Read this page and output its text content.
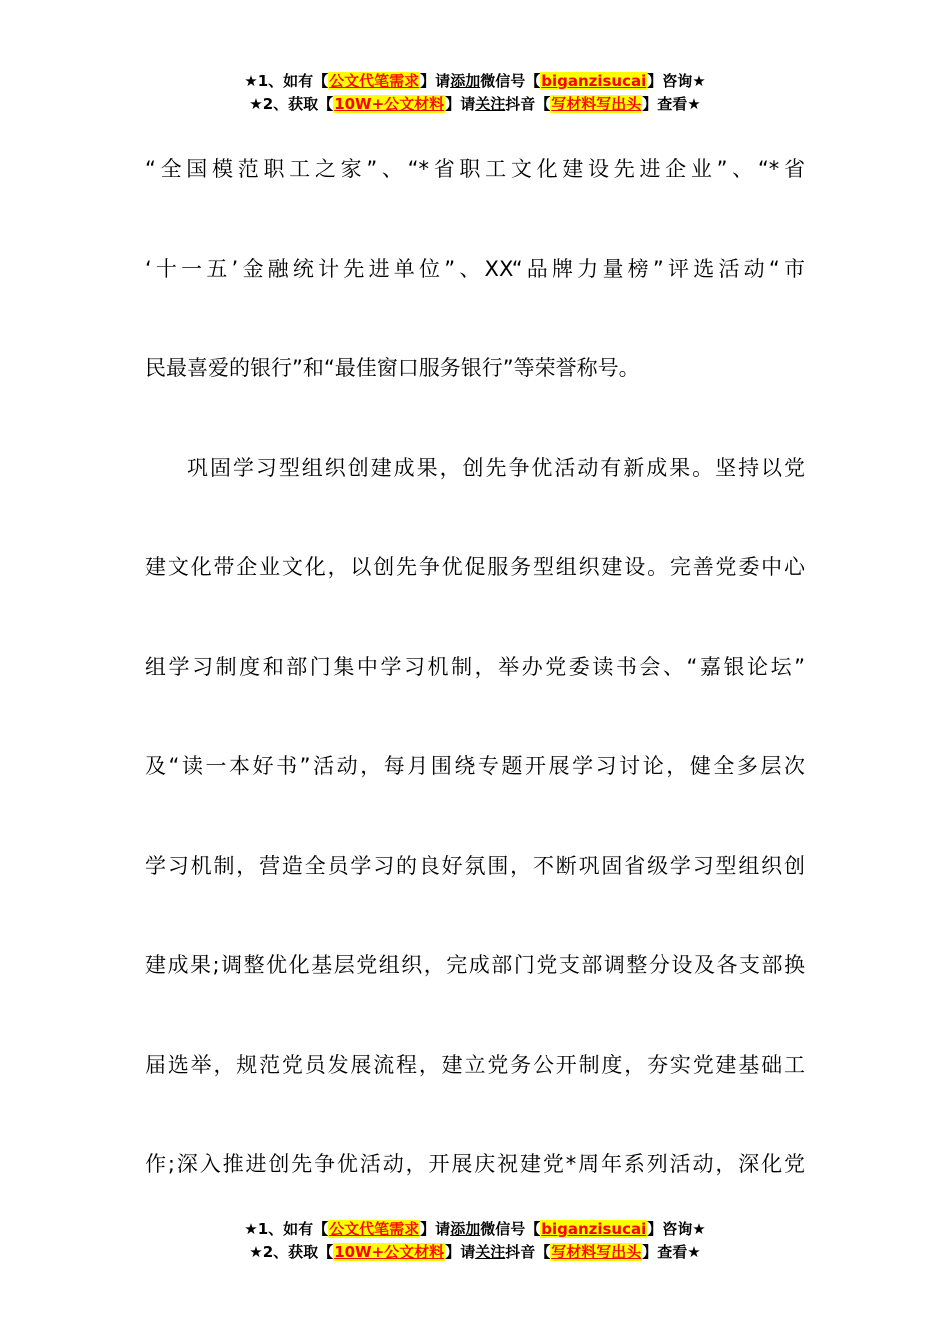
★1、如有【公文代笔需求】请添加微信号【biganzisucai】咨询★
★2、获取【10W+公文材料】请关注抖音【写材料写出头】查看★
“全国模范职工之家”、“*省职工文化建设先进企业”、“*省
‘十一五’金融统计先进单位”、XX“品牌力量榜”评选活动“市
民最喜爱的银行”和“最佳窗口服务银行”等荣誉称号。
巩固学习型组织创建成果，创先争优活动有新成果。坚持以党
建文化带企业文化，以创先争优促服务型组织建设。完善党委中心
组学习制度和部门集中学习机制，举办党委读书会、“嘉银论坛”
及“读一本好书”活动，每月围绕专题开展学习讨论，健全多层次
学习机制，营造全员学习的良好氛围，不断巩固省级学习型组织创
建成果;调整优化基层党组织，完成部门党支部调整分设及各支部换
届选举，规范党员发展流程，建立党务公开制度，夯实党建基础工
作;深入推进创先争优活动，开展庆祝建党*周年系列活动，深化党
★1、如有【公文代笔需求】请添加微信号【biganzisucai】咨询★
★2、获取【10W+公文材料】请关注抖音【写材料写出头】查看★
